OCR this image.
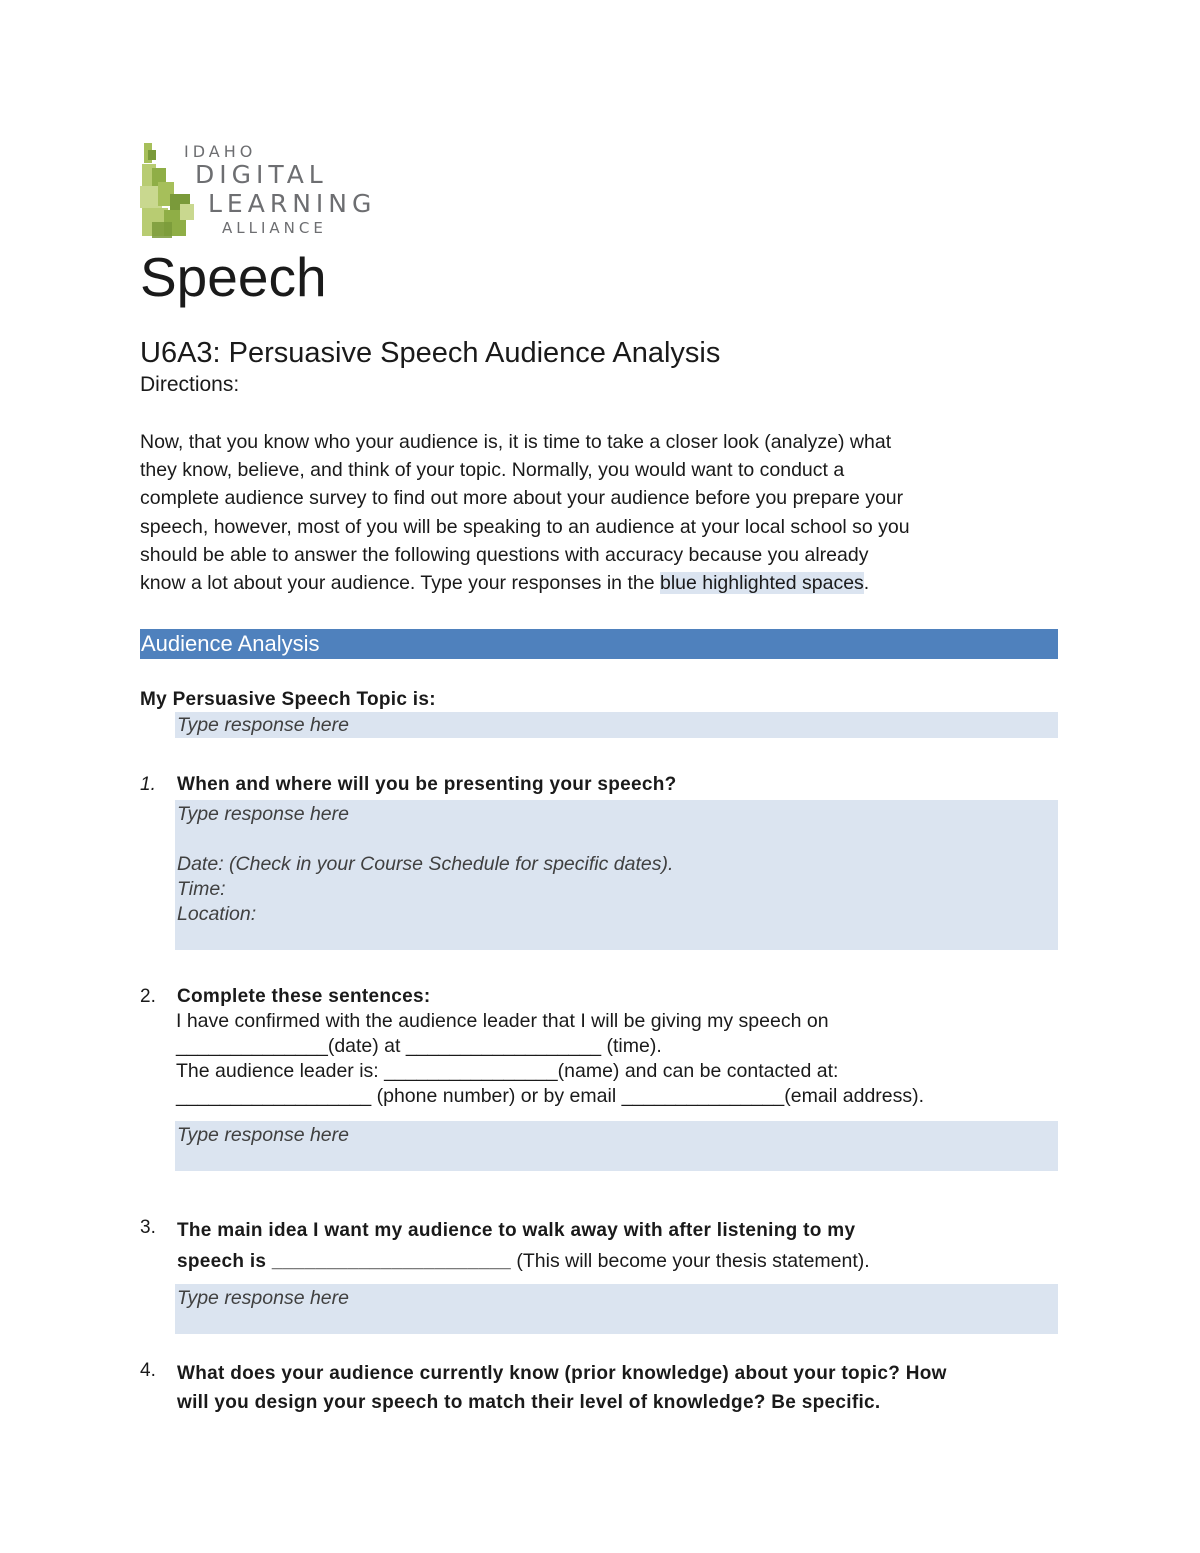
IDAHO
DIGITAL
LEARNING
ALLIANCE
Speech
U6A3: Persuasive Speech Audience Analysis
Directions:
Now, that you know who your audience is, it is time to take a closer look (analyze) what
they know, believe, and think of your topic. Normally, you would want to conduct a
complete audience survey to find out more about your audience before you prepare your
speech, however, most of you will be speaking to an audience at your local school so you
should be able to answer the following questions with accuracy because you already
know a lot about your audience. Type your responses in the blue highlighted spaces.
Audience Analysis
My Persuasive Speech Topic is:
Type response here
1. When and where will you be presenting your speech?
Type response here
Date: (Check in your Course Schedule for specific dates).
Time:
Location:
2. Complete these sentences:
I have confirmed with the audience leader that I will be giving my speech on
______________(date) at __________________ (time).
The audience leader is: ________________(name) and can be contacted at:
__________________ (phone number) or by email _______________(email address).
Type response here
3. The main idea I want my audience to walk away with after listening to my
speech is ______________________ (This will become your thesis statement).
Type response here
4. What does your audience currently know (prior knowledge) about your topic? How
will you design your speech to match their level of knowledge? Be specific.
